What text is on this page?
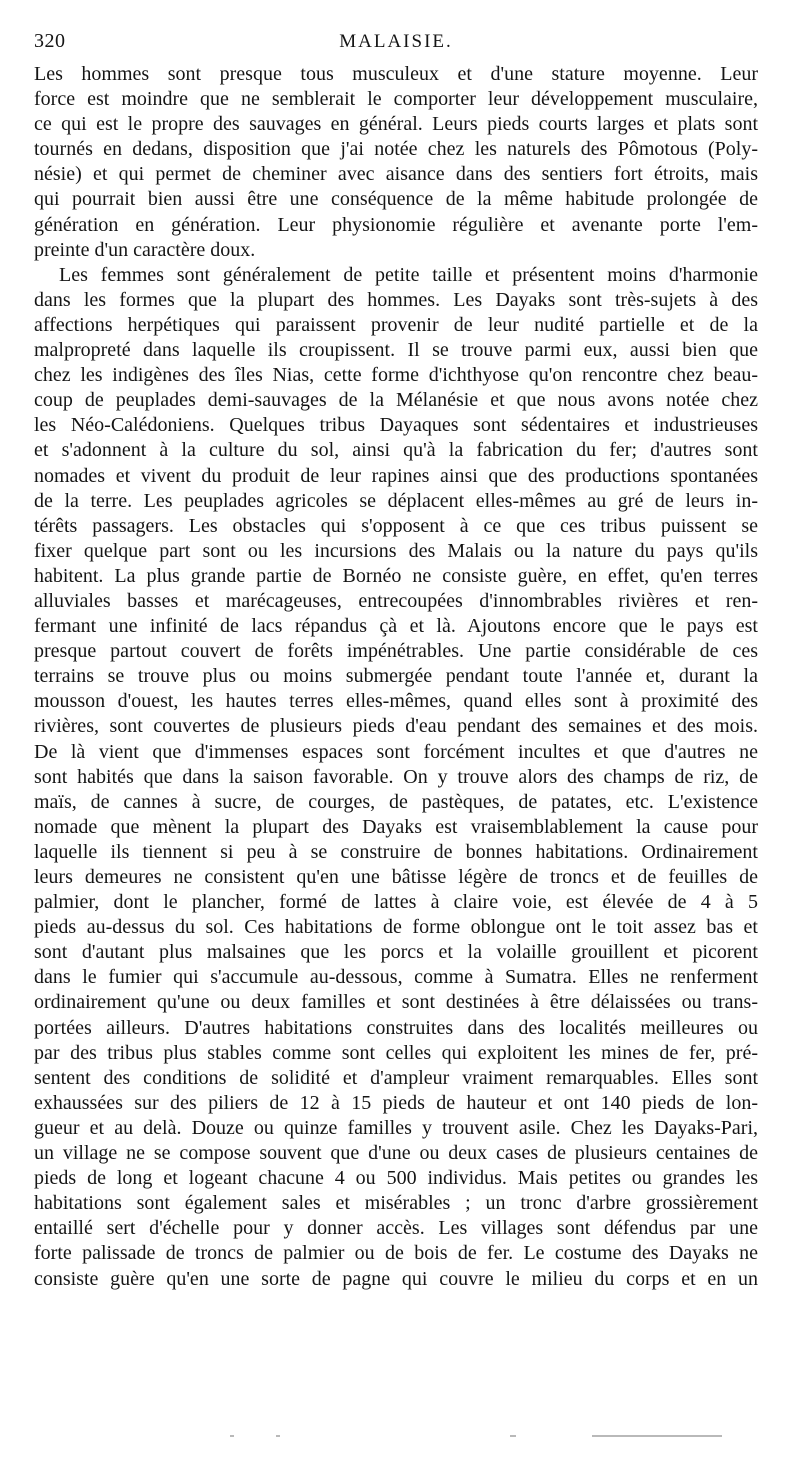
320	MALAISIE.
Les hommes sont presque tous musculeux et d'une stature moyenne. Leur
force est moindre que ne semblerait le comporter leur développement musculaire,
ce qui est le propre des sauvages en général. Leurs pieds courts larges et plats sont
tournés en dedans, disposition que j'ai notée chez les naturels des Pômotous (Poly-
nésie) et qui permet de cheminer avec aisance dans des sentiers fort étroits, mais
qui pourrait bien aussi être une conséquence de la même habitude prolongée de
génération en génération. Leur physionomie régulière et avenante porte l'em-
preinte d'un caractère doux.
Les femmes sont généralement de petite taille et présentent moins d'harmonie
dans les formes que la plupart des hommes. Les Dayaks sont très-sujets à des
affections herpétiques qui paraissent provenir de leur nudité partielle et de la
malpropreté dans laquelle ils croupissent. Il se trouve parmi eux, aussi bien que
chez les indigènes des îles Nias, cette forme d'ichthyose qu'on rencontre chez beau-
coup de peuplades demi-sauvages de la Mélanésie et que nous avons notée chez
les Néo-Calédoniens. Quelques tribus Dayaques sont sédentaires et industrieuses
et s'adonnent à la culture du sol, ainsi qu'à la fabrication du fer; d'autres sont
nomades et vivent du produit de leur rapines ainsi que des productions spontanées
de la terre. Les peuplades agricoles se déplacent elles-mêmes au gré de leurs in-
térêts passagers. Les obstacles qui s'opposent à ce que ces tribus puissent se
fixer quelque part sont ou les incursions des Malais ou la nature du pays qu'ils
habitent. La plus grande partie de Bornéo ne consiste guère, en effet, qu'en terres
alluviales basses et marécageuses, entrecoupées d'innombrables rivières et ren-
fermant une infinité de lacs répandus çà et là. Ajoutons encore que le pays est
presque partout couvert de forêts impénétrables. Une partie considérable de ces
terrains se trouve plus ou moins submergée pendant toute l'année et, durant la
mousson d'ouest, les hautes terres elles-mêmes, quand elles sont à proximité des
rivières, sont couvertes de plusieurs pieds d'eau pendant des semaines et des mois.
De là vient que d'immenses espaces sont forcément incultes et que d'autres ne
sont habités que dans la saison favorable. On y trouve alors des champs de riz, de
maïs, de cannes à sucre, de courges, de pastèques, de patates, etc. L'existence
nomade que mènent la plupart des Dayaks est vraisemblablement la cause pour
laquelle ils tiennent si peu à se construire de bonnes habitations. Ordinairement
leurs demeures ne consistent qu'en une bâtisse légère de troncs et de feuilles de
palmier, dont le plancher, formé de lattes à claire voie, est élevée de 4 à 5
pieds au-dessus du sol. Ces habitations de forme oblongue ont le toit assez bas et
sont d'autant plus malsaines que les porcs et la volaille grouillent et picorent
dans le fumier qui s'accumule au-dessous, comme à Sumatra. Elles ne renferment
ordinairement qu'une ou deux familles et sont destinées à être délaissées ou trans-
portées ailleurs. D'autres habitations construites dans des localités meilleures ou
par des tribus plus stables comme sont celles qui exploitent les mines de fer, pré-
sentent des conditions de solidité et d'ampleur vraiment remarquables. Elles sont
exhaussées sur des piliers de 12 à 15 pieds de hauteur et ont 140 pieds de lon-
gueur et au delà. Douze ou quinze familles y trouvent asile. Chez les Dayaks-Pari,
un village ne se compose souvent que d'une ou deux cases de plusieurs centaines de
pieds de long et logeant chacune 4 ou 500 individus. Mais petites ou grandes les
habitations sont également sales et misérables ; un tronc d'arbre grossièrement
entaillé sert d'échelle pour y donner accès. Les villages sont défendus par une
forte palissade de troncs de palmier ou de bois de fer. Le costume des Dayaks ne
consiste guère qu'en une sorte de pagne qui couvre le milieu du corps et en un
